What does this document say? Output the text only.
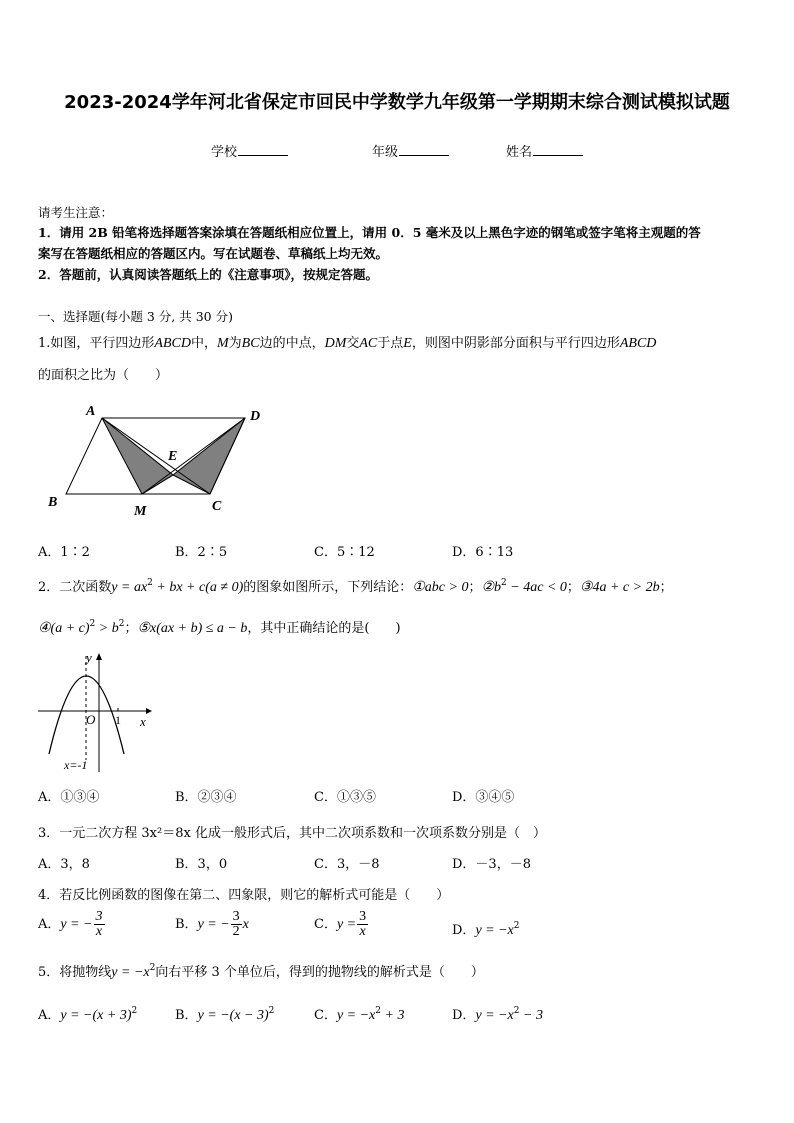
2023-2024学年河北省保定市回民中学数学九年级第一学期期末综合测试模拟试题
学校	年级	姓名
请考生注意：
1．请用 2B 铅笔将选择题答案涂填在答题纸相应位置上，请用 0．5 毫米及以上黑色字迹的钢笔或签字笔将主观题的答
案写在答题纸相应的答题区内。写在试题卷、草稿纸上均无效。
2．答题前，认真阅读答题纸上的《注意事项》，按规定答题。
一、选择题(每小题 3 分, 共 30 分)
1.如图，平行四边形ABCD中，M为BC边的中点，DM交AC于点E，则图中阴影部分面积与平行四边形ABCD
的面积之比为（　　）
A	D
E
B
M	C
A．1∶2	B．2∶5	C．5∶12	D．6∶13
2．二次函数$y = ax^2$ + bx + c(a ≠ 0)的图象如图所示，下列结论：①abc > 0；$②b^2 - 4ac < 0$；③4a + c > 2b；
④(a + $c)^2 > b^2$；⑤x(ax + b) ≤ a − b，其中正确结论的是(　　)
y
x
O 1
x=-1
A．①③④	B．②③④	C．①③⑤	D．③④⑤
3．一元二次方程 3x²＝8x 化成一般形式后，其中二次项系数和一次项系数分别是（　）
A．3，8	B．3，0	C．3，－8	D．－3，－8
4．若反比例函数的图像在第二、四象限，则它的解析式可能是（　　）
A．y = − $\frac{3}{x}$	B．y = − $\frac{3}{2}$ x	C．$y = \frac{3}{x}$	D．$y = -x^2$
5．将抛物线$y = -x^2$向右平移 3 个单位后，得到的抛物线的解析式是（　　）
A．$y = -(x + 3)^2$	B．$y = -(x - 3)^2$	C．$y = -x^2 + 3$	D．$y = -x^2 - 3$
